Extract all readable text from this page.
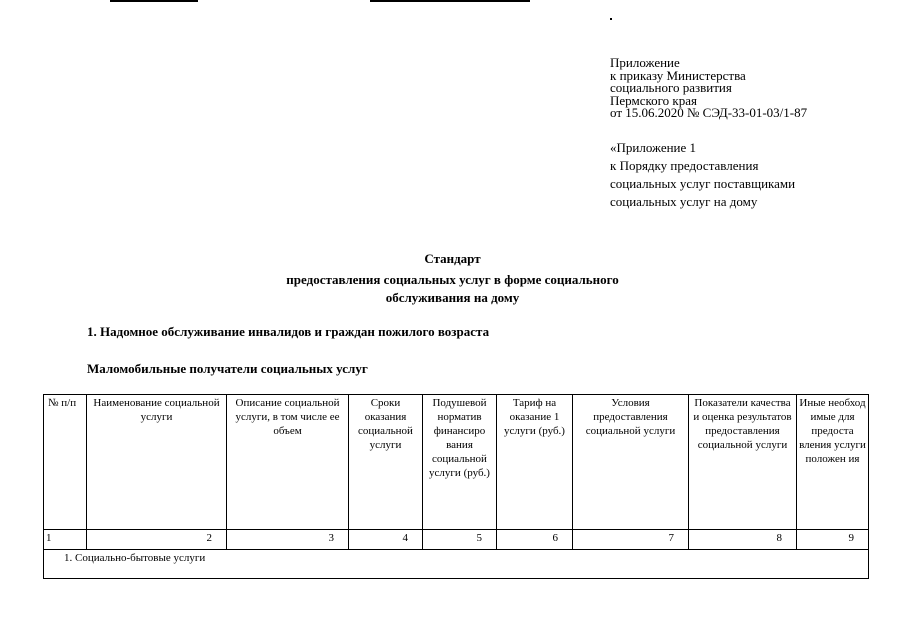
Приложение
к приказу Министерства
социального развития
Пермского края
от 15.06.2020 № СЭД-33-01-03/1-87
«Приложение 1
к Порядку предоставления
социальных услуг поставщиками
социальных услуг на дому
Стандарт
предоставления социальных услуг в форме социального
обслуживания на дому
1. Надомное обслуживание инвалидов и граждан пожилого возраста
Маломобильные получатели социальных услуг
№ п/п	Наименование социальной услуги	Описание социальной услуги, в том числе ее объем	Сроки оказания социальной услуги	Подушевой норматив финансиро вания социальной услуги (руб.)	Тариф на оказание 1 услуги (руб.)	Условия предоставления социальной услуги	Показатели качества и оценка результатов предоставления социальной услуги	Иные необход имые для предоста вления услуги положен ия
1	2	3	4	5	6	7	8	9
1. Социально-бытовые услуги								
